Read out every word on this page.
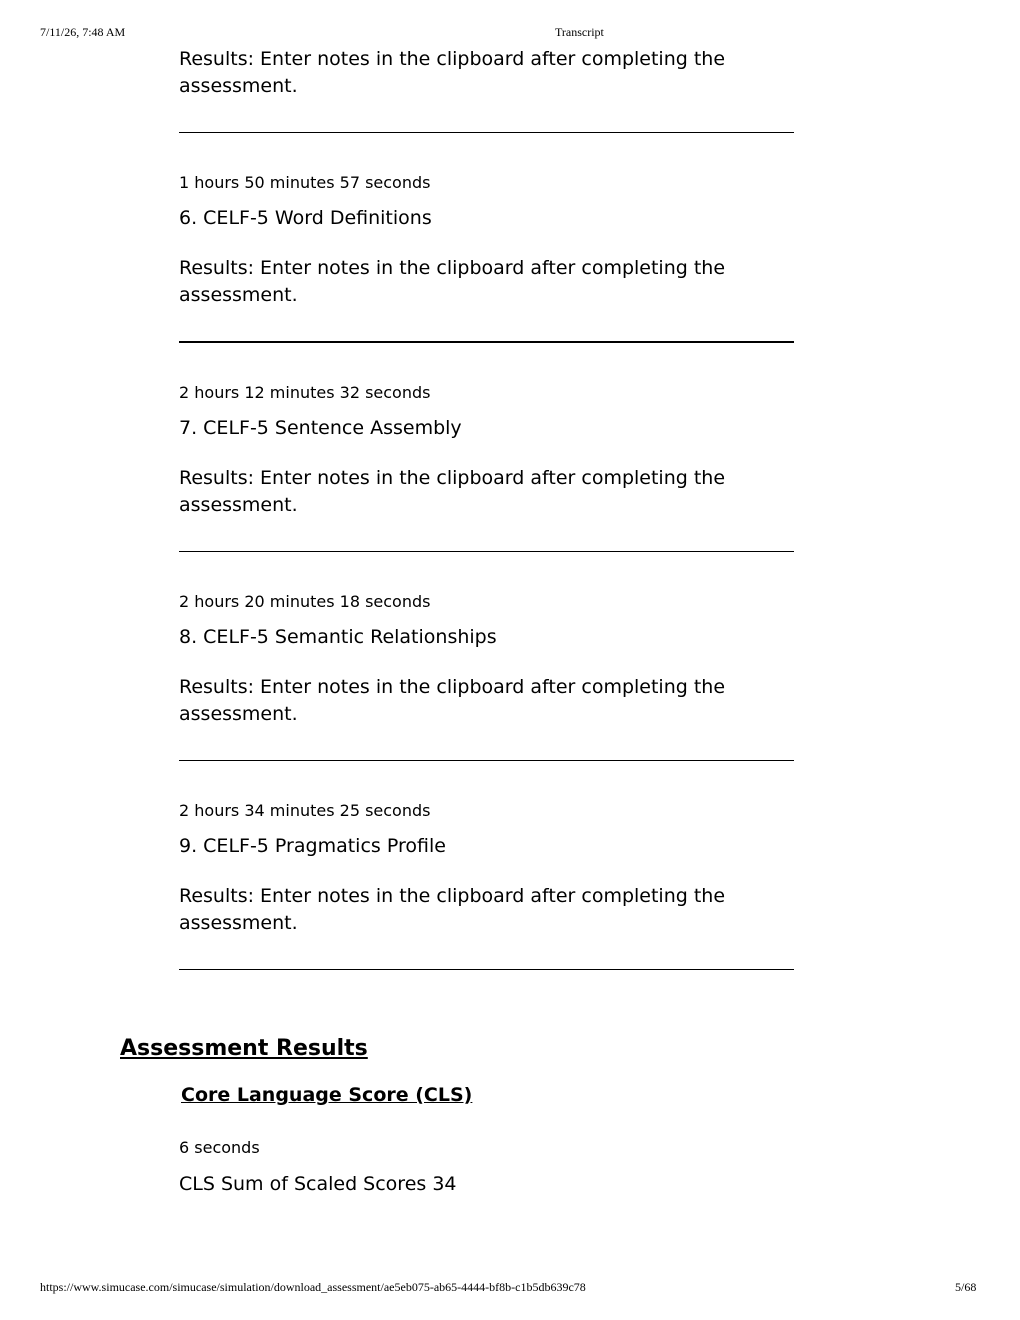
7/11/26, 7:48 AM	Transcript

Results: Enter notes in the clipboard after completing the assessment.

1 hours 50 minutes 57 seconds

6. CELF-5 Word Definitions

Results: Enter notes in the clipboard after completing the assessment.

2 hours 12 minutes 32 seconds

7. CELF-5 Sentence Assembly

Results: Enter notes in the clipboard after completing the assessment.

2 hours 20 minutes 18 seconds

8. CELF-5 Semantic Relationships

Results: Enter notes in the clipboard after completing the assessment.

2 hours 34 minutes 25 seconds

9. CELF-5 Pragmatics Profile

Results: Enter notes in the clipboard after completing the assessment.

Assessment Results
Core Language Score (CLS)

6 seconds

CLS Sum of Scaled Scores 34

https://www.simucase.com/simucase/simulation/download_assessment/ae5eb075-ab65-4444-bf8b-c1b5db639c78	5/68
